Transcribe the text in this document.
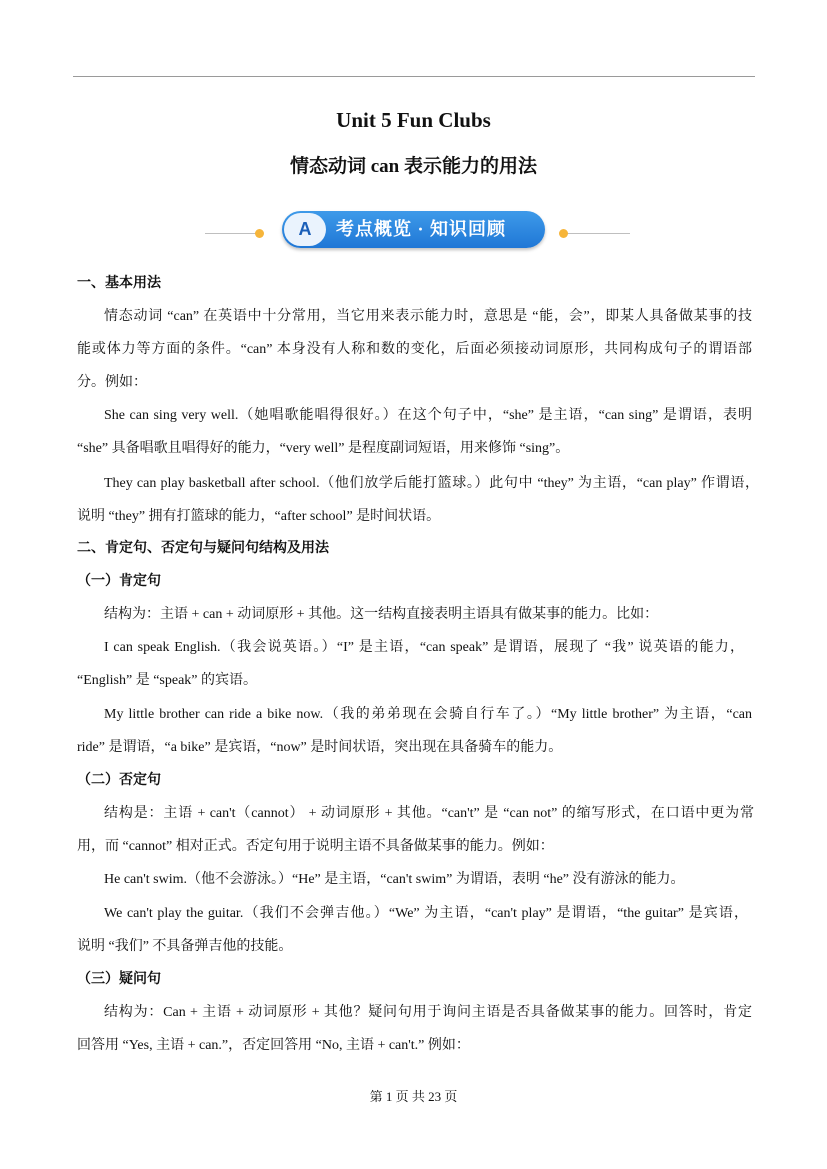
Unit 5 Fun Clubs
情态动词 can 表示能力的用法
A	考点概览 · 知识回顾
一、基本用法
情态动词 “can” 在英语中十分常用，当它用来表示能力时，意思是 “能，会”，即某人具备做某事的技
能或体力等方面的条件。“can” 本身没有人称和数的变化，后面必须接动词原形，共同构成句子的谓语部
分。例如：
She can sing very well.（她唱歌能唱得很好。）在这个句子中，“she” 是主语，“can sing” 是谓语，表明
“she” 具备唱歌且唱得好的能力，“very well” 是程度副词短语，用来修饰 “sing”。
They can play basketball after school.（他们放学后能打篮球。）此句中 “they” 为主语，“can play” 作谓语，
说明 “they” 拥有打篮球的能力，“after school” 是时间状语。
二、肯定句、否定句与疑问句结构及用法
（一）肯定句
结构为：主语 + can + 动词原形 + 其他。这一结构直接表明主语具有做某事的能力。比如：
I can speak English.（我会说英语。）“I” 是主语，“can speak” 是谓语，展现了 “我” 说英语的能力，
“English” 是 “speak” 的宾语。
My little brother can ride a bike now.（我的弟弟现在会骑自行车了。）“My little brother” 为主语，“can
ride” 是谓语，“a bike” 是宾语，“now” 是时间状语，突出现在具备骑车的能力。
（二）否定句
结构是：主语 + can't（cannot） + 动词原形 + 其他。“can't” 是 “can not” 的缩写形式，在口语中更为常
用，而 “cannot” 相对正式。否定句用于说明主语不具备做某事的能力。例如：
He can't swim.（他不会游泳。）“He” 是主语，“can't swim” 为谓语，表明 “he” 没有游泳的能力。
We can't play the guitar.（我们不会弹吉他。）“We” 为主语，“can't play” 是谓语，“the guitar” 是宾语，
说明 “我们” 不具备弹吉他的技能。
（三）疑问句
结构为：Can + 主语 + 动词原形 + 其他？疑问句用于询问主语是否具备做某事的能力。回答时，肯定
回答用 “Yes, 主语 + can.”，否定回答用 “No, 主语 + can't.” 例如：
第 1 页 共 23 页
